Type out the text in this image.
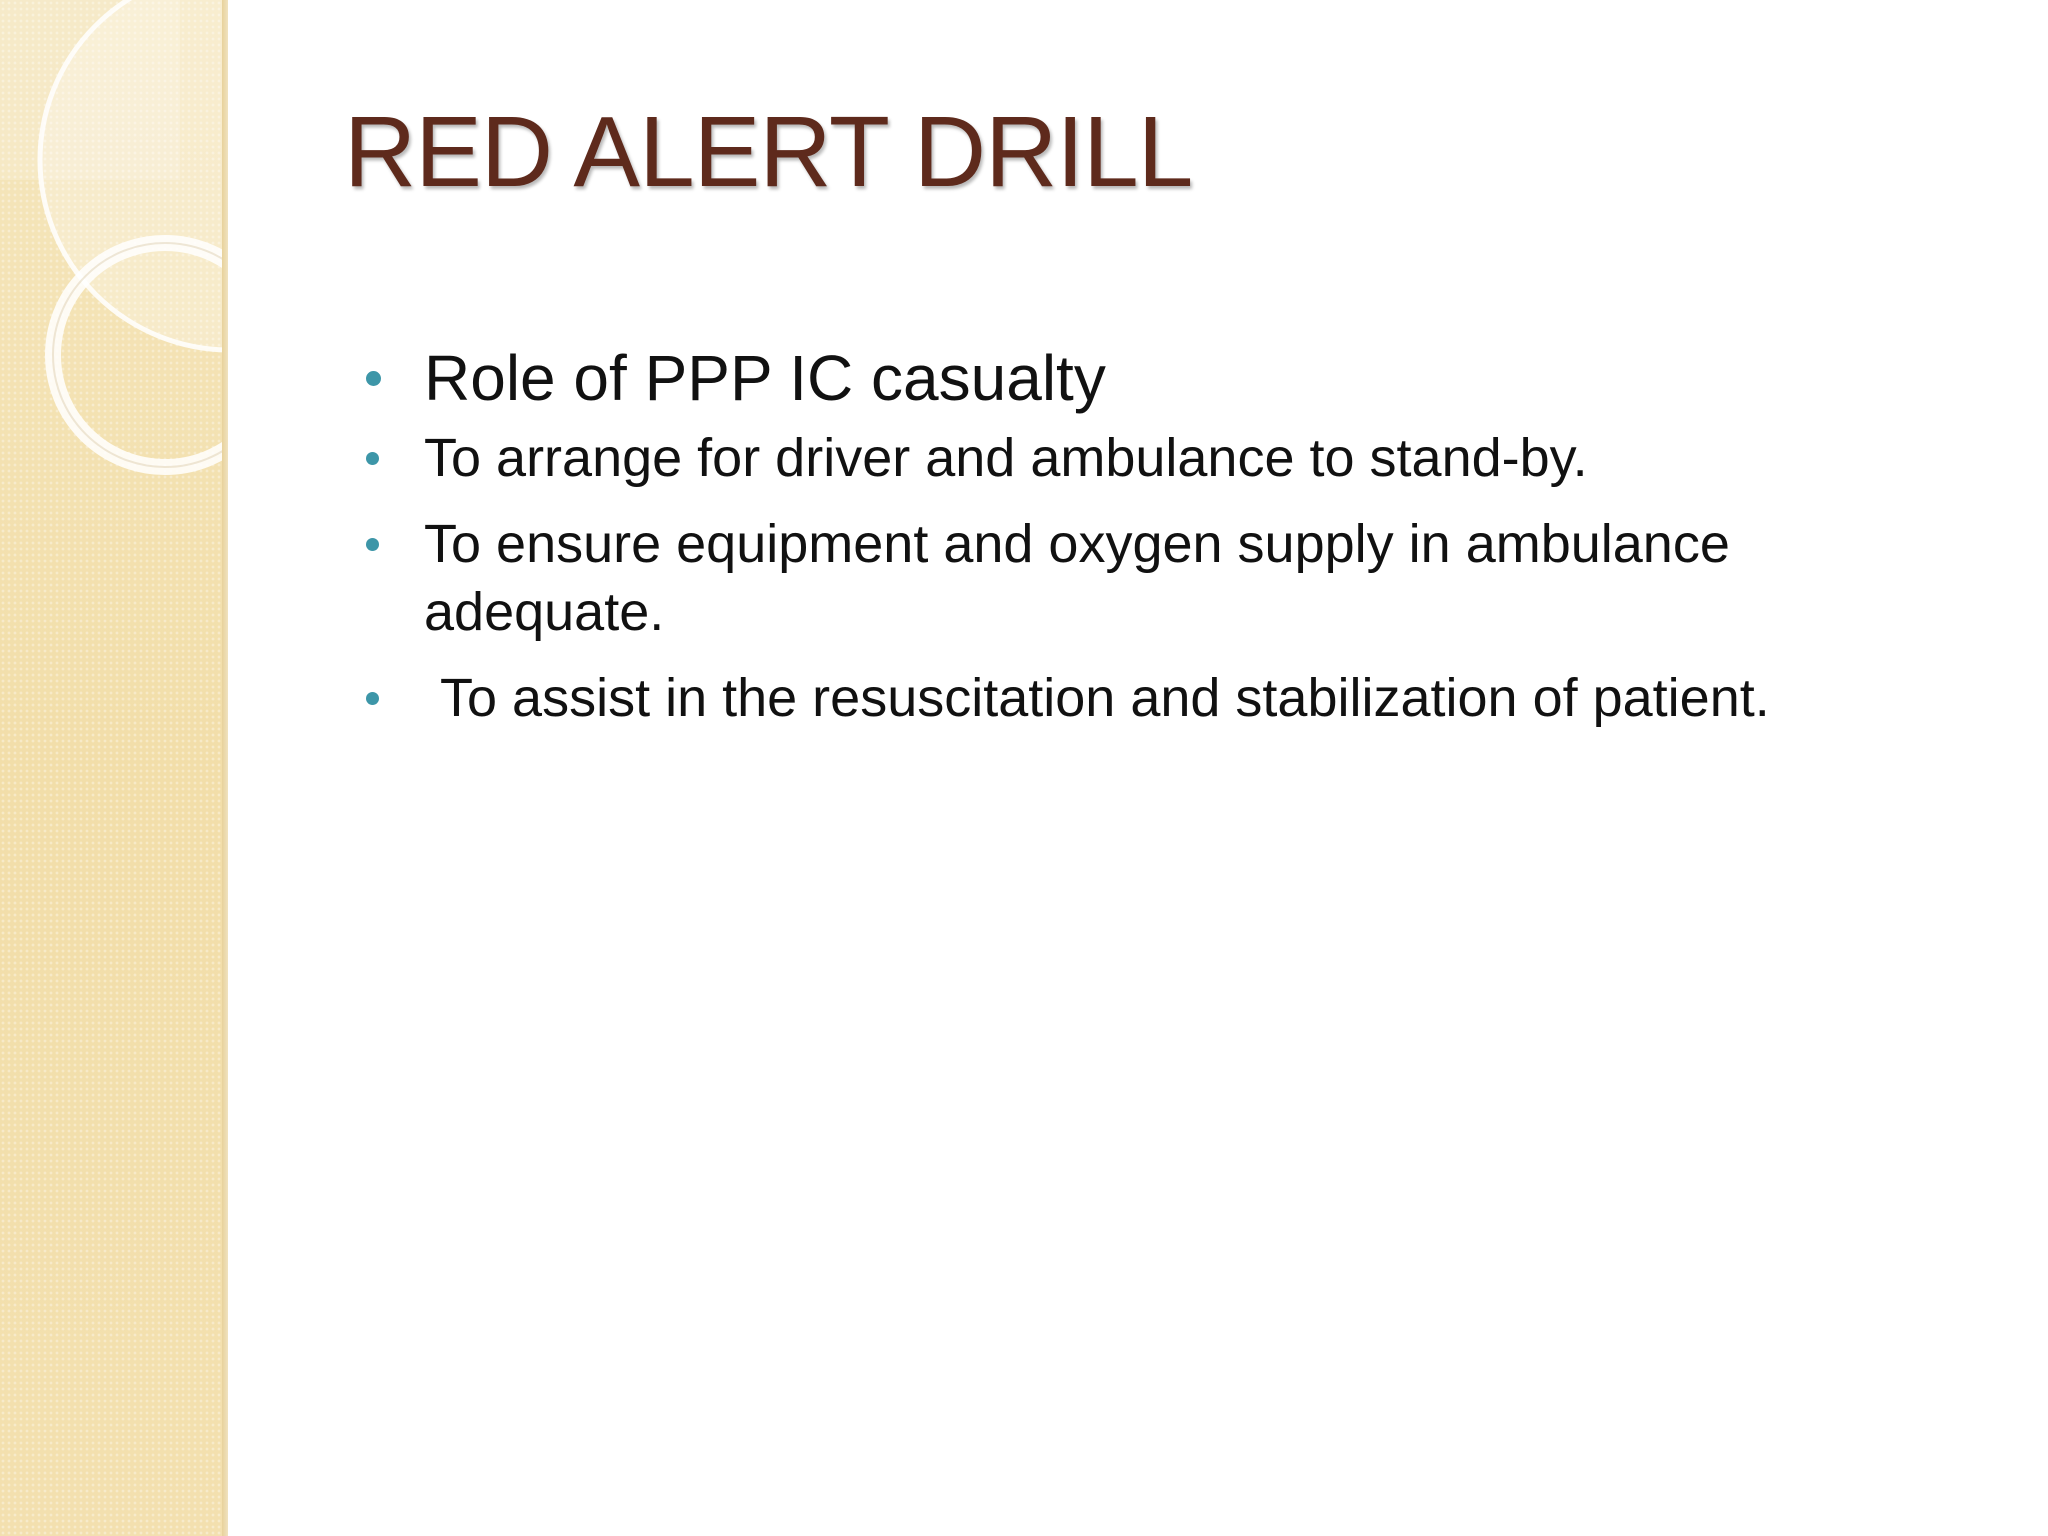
RED ALERT DRILL
Role of PPP IC casualty
To arrange for driver and ambulance to stand-by.
To ensure equipment and oxygen supply in ambulance adequate.
To assist in the resuscitation and stabilization of patient.
